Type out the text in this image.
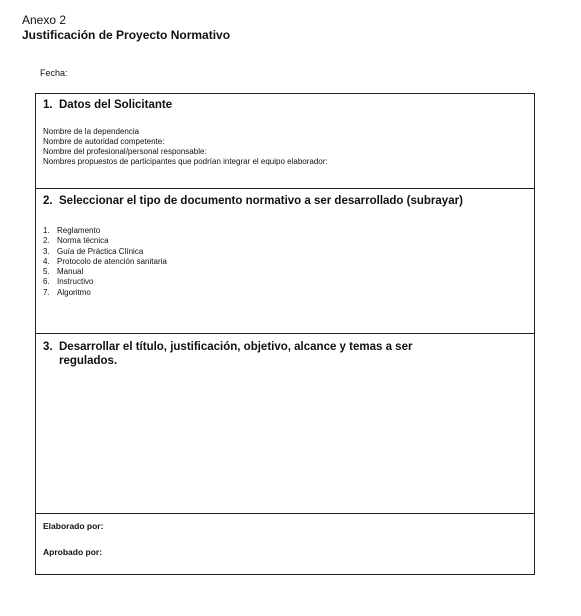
Anexo 2
Justificación de Proyecto Normativo
Fecha:
1. Datos del Solicitante
Nombre de la dependencia
Nombre de autoridad competente:
Nombre del profesional/personal responsable:
Nombres propuestos de participantes que podrían integrar el equipo elaborador:
2. Seleccionar el tipo de documento normativo a ser desarrollado (subrayar)
1. Reglamento
2. Norma técnica
3. Guía de Práctica Clínica
4. Protocolo de atención sanitaria
5. Manual
6. Instructivo
7. Algoritmo
3. Desarrollar el título, justificación, objetivo, alcance y temas a ser
regulados.
Elaborado por:
Aprobado por:
